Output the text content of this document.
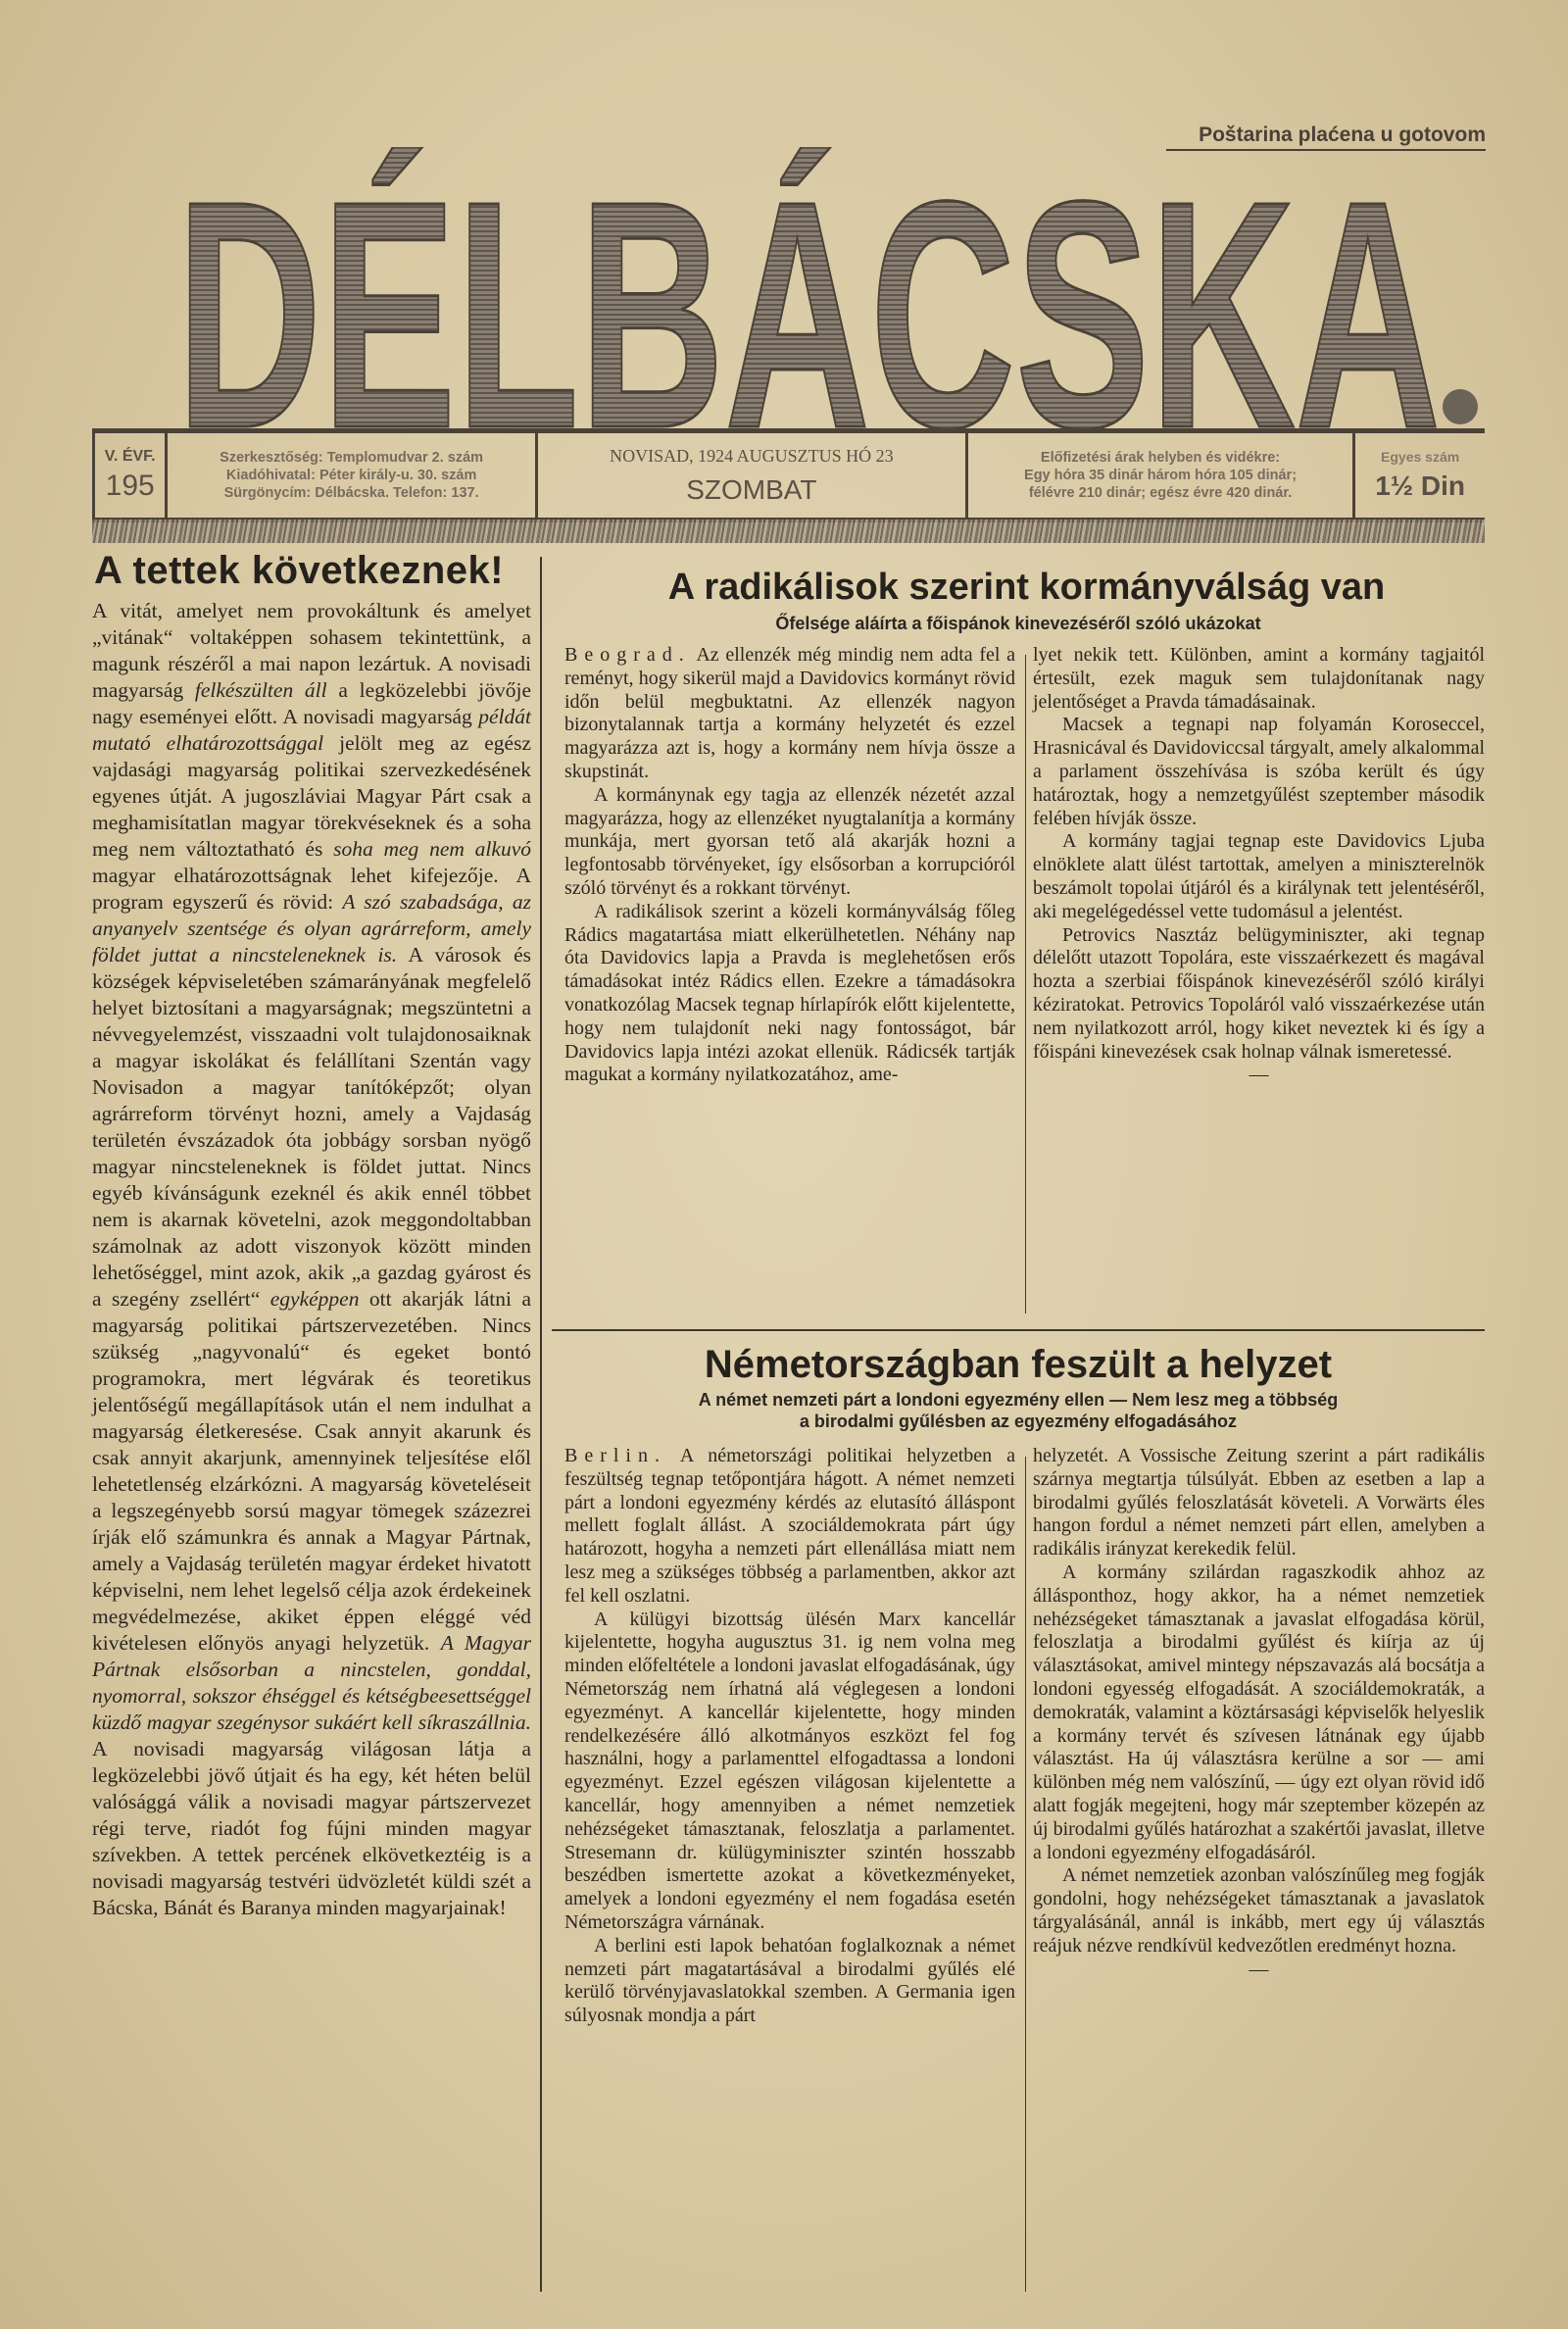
Poštarina plaćena u gotovom
DÉLBÁCSKA
V. ÉVF.
195
Szerkesztőség: Templomudvar 2. szám
Kiadóhivatal: Péter király-u. 30. szám
Sürgönycím: Délbácska. Telefon: 137.
NOVISAD, 1924 AUGUSZTUS HÓ 23
SZOMBAT
Előfizetési árak helyben és vidékre:
Egy hóra 35 dinár három hóra 105 dinár;
félévre 210 dinár; egész évre 420 dinár.
Egyes szám
1½ Din
A tettek következnek!

A vitát, amelyet nem provokáltunk és amelyet „vitának“ voltaképpen sohasem tekintettünk, a magunk részéről a mai napon lezártuk. A novisadi magyarság felkészülten áll a legközelebbi jövője nagy eseményei előtt. A novisadi magyarság példát mutató elhatározottsággal jelölt meg az egész vajdasági magyarság politikai szervezkedésének egyenes útját. A jugoszláviai Magyar Párt csak a meghamisítatlan magyar törekvéseknek és a soha meg nem változtatható és soha meg nem alkuvó magyar elhatározottságnak lehet kifejezője. A program egyszerű és rövid: A szó szabadsága, az anyanyelv szentsége és olyan agrárreform, amely földet juttat a nincsteleneknek is. A városok és községek képviseletében számarányának megfelelő helyet biztosítani a magyarságnak; megszüntetni a névvegyelemzést, visszaadni volt tulajdonosaiknak a magyar iskolákat és felállítani Szentán vagy Novisadon a magyar tanítóképzőt; olyan agrárreform törvényt hozni, amely a Vajdaság területén évszázadok óta jobbágy sorsban nyögő magyar nincsteleneknek is földet juttat. Nincs egyéb kívánságunk ezeknél és akik ennél többet nem is akarnak követelni, azok meggondoltabban számolnak az adott viszonyok között minden lehetőséggel, mint azok, akik „a gazdag gyárost és a szegény zsellért“ egyképpen ott akarják látni a magyarság politikai pártszervezetében. Nincs szükség „nagyvonalú“ és egeket bontó programokra, mert légvárak és teoretikus jelentőségű megállapítások után el nem indulhat a magyarság életkeresése. Csak annyit akarunk és csak annyit akarjunk, amennyinek teljesítése elől lehetetlenség elzárkózni. A magyarság követeléseit a legszegényebb sorsú magyar tömegek százezrei írják elő számunkra és annak a Magyar Pártnak, amely a Vajdaság területén magyar érdeket hivatott képviselni, nem lehet legelső célja azok érdekeinek megvédelmezése, akiket éppen eléggé véd kivételesen előnyös anyagi helyzetük. A Magyar Pártnak elsősorban a nincstelen, gonddal, nyomorral, sokszor éhséggel és kétségbeesettséggel küzdő magyar szegénysor sukáért kell síkraszállnia. A novisadi magyarság világosan látja a legközelebbi jövő útjait és ha egy, két héten belül valósággá válik a novisadi magyar pártszervezet régi terve, riadót fog fújni minden magyar szívekben. A tettek percének elkövetkeztéig is a novisadi magyarság testvéri üdvözletét küldi szét a Bácska, Bánát és Baranya minden magyarjainak!

A radikálisok szerint kormányválság van
Őfelsége aláírta a főispánok kinevezéséről szóló ukázokat

Beograd. Az ellenzék még mindig nem adta fel a reményt, hogy sikerül majd a Davidovics kormányt rövid időn belül megbuktatni. Az ellenzék nagyon bizonytalannak tartja a kormány helyzetét és ezzel magyarázza azt is, hogy a kormány nem hívja össze a skupstinát.

A kormánynak egy tagja az ellenzék nézetét azzal magyarázza, hogy az ellenzéket nyugtalanítja a kormány munkája, mert gyorsan tető alá akarják hozni a legfontosabb törvényeket, így elsősorban a korrupcióról szóló törvényt és a rokkant törvényt.

A radikálisok szerint a közeli kormányválság főleg Rádics magatartása miatt elkerülhetetlen. Néhány nap óta Davidovics lapja a Pravda is meglehetősen erős támadásokat intéz Rádics ellen. Ezekre a támadásokra vonatkozólag Macsek tegnap hírlapírók előtt kijelentette, hogy nem tulajdonít neki nagy fontosságot, bár Davidovics lapja intézi azokat ellenük. Rádicsék tartják magukat a kormány nyilatkozatához, ame-

lyet nekik tett. Különben, amint a kormány tagjaitól értesült, ezek maguk sem tulajdonítanak nagy jelentőséget a Pravda támadásainak.

Macsek a tegnapi nap folyamán Koroseccel, Hrasnicával és Davidoviccsal tárgyalt, amely alkalommal a parlament összehívása is szóba került és úgy határoztak, hogy a nemzetgyűlést szeptember második felében hívják össze.

A kormány tagjai tegnap este Davidovics Ljuba elnöklete alatt ülést tartottak, amelyen a miniszterelnök beszámolt topolai útjáról és a királynak tett jelentéséről, aki megelégedéssel vette tudomásul a jelentést.

Petrovics Nasztáz belügyminiszter, aki tegnap délelőtt utazott Topolára, este visszaérkezett és magával hozta a szerbiai főispánok kinevezéséről szóló királyi kéziratokat. Petrovics Topoláról való visszaérkezése után nem nyilatkozott arról, hogy kiket neveztek ki és így a főispáni kinevezések csak holnap válnak ismeretessé.

—

Németországban feszült a helyzet
A német nemzeti párt a londoni egyezmény ellen — Nem lesz meg a többség
a birodalmi gyűlésben az egyezmény elfogadásához

Berlin. A németországi politikai helyzetben a feszültség tegnap tetőpontjára hágott. A német nemzeti párt a londoni egyezmény kérdés az elutasító álláspont mellett foglalt állást. A szociáldemokrata párt úgy határozott, hogyha a nemzeti párt ellenállása miatt nem lesz meg a szükséges többség a parlamentben, akkor azt fel kell oszlatni.

A külügyi bizottság ülésén Marx kancellár kijelentette, hogyha augusztus 31. ig nem volna meg minden előfeltétele a londoni javaslat elfogadásának, úgy Németország nem írhatná alá véglegesen a londoni egyezményt. A kancellár kijelentette, hogy minden rendelkezésére álló alkotmányos eszközt fel fog használni, hogy a parlamenttel elfogadtassa a londoni egyezményt. Ezzel egészen világosan kijelentette a kancellár, hogy amennyiben a német nemzetiek nehézségeket támasztanak, feloszlatja a parlamentet. Stresemann dr. külügyminiszter szintén hosszabb beszédben ismertette azokat a következményeket, amelyek a londoni egyezmény el nem fogadása esetén Németországra várnának.

A berlini esti lapok behatóan foglalkoznak a német nemzeti párt magatartásával a birodalmi gyűlés elé kerülő törvényjavaslatokkal szemben. A Germania igen súlyosnak mondja a párt

helyzetét. A Vossische Zeitung szerint a párt radikális szárnya megtartja túlsúlyát. Ebben az esetben a lap a birodalmi gyűlés feloszlatását követeli. A Vorwärts éles hangon fordul a német nemzeti párt ellen, amelyben a radikális irányzat kerekedik felül.

A kormány szilárdan ragaszkodik ahhoz az állásponthoz, hogy akkor, ha a német nemzetiek nehézségeket támasztanak a javaslat elfogadása körül, feloszlatja a birodalmi gyűlést és kiírja az új választásokat, amivel mintegy népszavazás alá bocsátja a londoni egyesség elfogadását. A szociáldemokraták, a demokraták, valamint a köztársasági képviselők helyeslik a kormány tervét és szívesen látnának egy újabb választást. Ha új választásra kerülne a sor — ami különben még nem valószínű, — úgy ezt olyan rövid idő alatt fogják megejteni, hogy már szeptember közepén az új birodalmi gyűlés határozhat a szakértői javaslat, illetve a londoni egyezmény elfogadásáról.

A német nemzetiek azonban valószínűleg meg fogják gondolni, hogy nehézségeket támasztanak a javaslatok tárgyalásánál, annál is inkább, mert egy új választás reájuk nézve rendkívül kedvezőtlen eredményt hozna.

—
